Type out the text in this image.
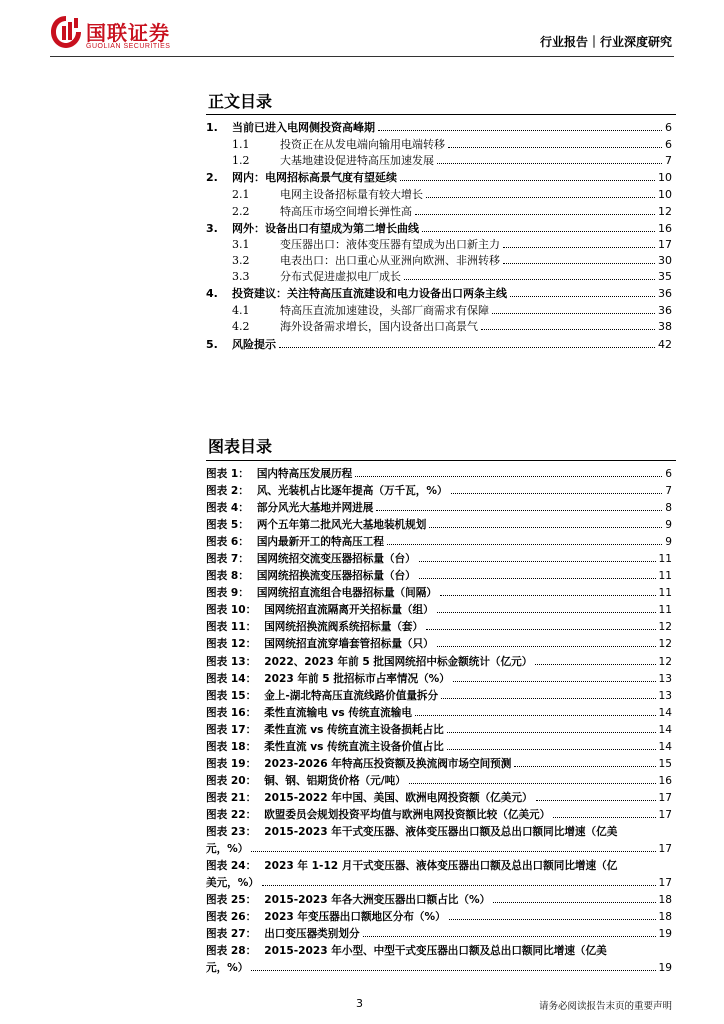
国联证券
GUOLIAN SECURITIES	行业报告｜行业深度研究
正文目录
1.	当前已进入电网侧投资高峰期	6
1.1	投资正在从发电端向输用电端转移	6
1.2	大基地建设促进特高压加速发展	7
2.	网内：电网招标高景气度有望延续	10
2.1	电网主设备招标量有较大增长	10
2.2	特高压市场空间增长弹性高	12
3.	网外：设备出口有望成为第二增长曲线	16
3.1	变压器出口：液体变压器有望成为出口新主力	17
3.2	电表出口：出口重心从亚洲向欧洲、非洲转移	30
3.3	分布式促进虚拟电厂成长	35
4.	投资建议：关注特高压直流建设和电力设备出口两条主线	36
4.1	特高压直流加速建设，头部厂商需求有保障	36
4.2	海外设备需求增长，国内设备出口高景气	38
5.	风险提示	42
图表目录
图表 1： 国内特高压发展历程	6
图表 2： 风、光装机占比逐年提高（万千瓦，%）	7
图表 4： 部分风光大基地并网进展	8
图表 5： 两个五年第二批风光大基地装机规划	9
图表 6： 国内最新开工的特高压工程	9
图表 7： 国网统招交流变压器招标量（台）	11
图表 8： 国网统招换流变压器招标量（台）	11
图表 9： 国网统招直流组合电器招标量（间隔）	11
图表 10： 国网统招直流隔离开关招标量（组）	11
图表 11： 国网统招换流阀系统招标量（套）	12
图表 12： 国网统招直流穿墙套管招标量（只）	12
图表 13： 2022、2023 年前 5 批国网统招中标金额统计（亿元）	12
图表 14： 2023 年前 5 批招标市占率情况（%）	13
图表 15： 金上-湖北特高压直流线路价值量拆分	13
图表 16： 柔性直流输电 vs 传统直流输电	14
图表 17： 柔性直流 vs 传统直流主设备损耗占比	14
图表 18： 柔性直流 vs 传统直流主设备价值占比	14
图表 19： 2023-2026 年特高压投资额及换流阀市场空间预测	15
图表 20： 铜、钢、铝期货价格（元/吨）	16
图表 21： 2015-2022 年中国、美国、欧洲电网投资额（亿美元）	17
图表 22： 欧盟委员会规划投资平均值与欧洲电网投资额比较（亿美元）	17
图表 23： 2015-2023 年干式变压器、液体变压器出口额及总出口额同比增速（亿美
元，%）	17
图表 24： 2023 年 1-12 月干式变压器、液体变压器出口额及总出口额同比增速（亿
美元，%）	17
图表 25： 2015-2023 年各大洲变压器出口额占比（%）	18
图表 26： 2023 年变压器出口额地区分布（%）	18
图表 27： 出口变压器类别划分	19
图表 28： 2015-2023 年小型、中型干式变压器出口额及总出口额同比增速（亿美
元，%）	19
3	请务必阅读报告末页的重要声明
